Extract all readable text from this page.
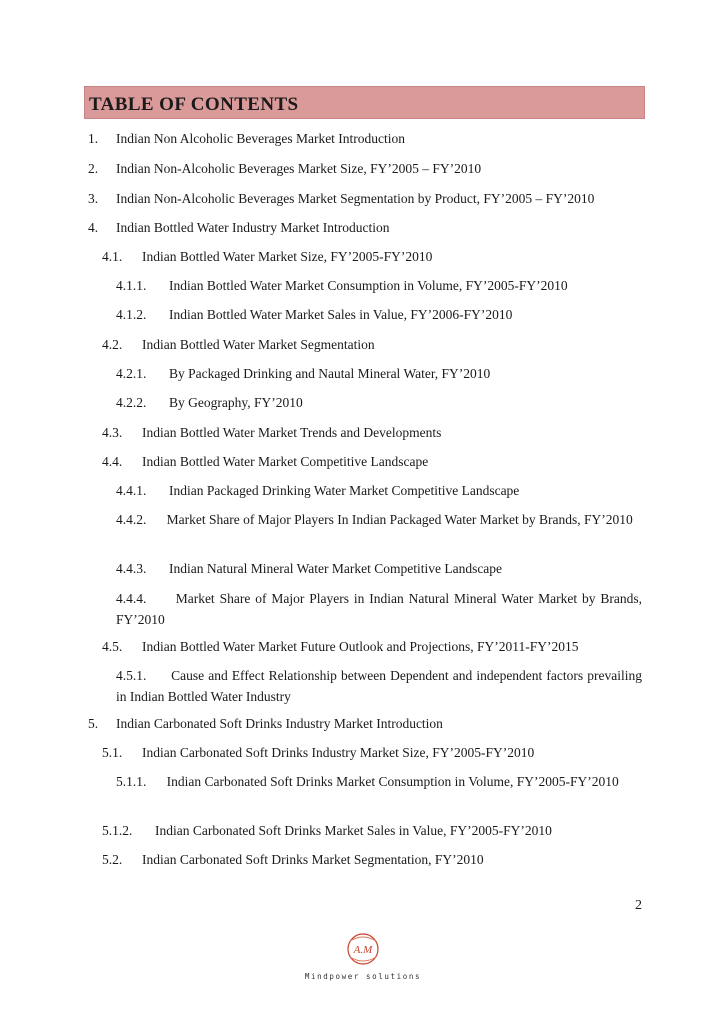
TABLE OF CONTENTS
1. Indian Non Alcoholic Beverages Market Introduction
2. Indian Non-Alcoholic Beverages Market Size, FY’2005 – FY’2010
3. Indian Non-Alcoholic Beverages Market Segmentation by Product, FY’2005 – FY’2010
4. Indian Bottled Water Industry Market Introduction
4.1. Indian Bottled Water Market Size, FY’2005-FY’2010
4.1.1. Indian Bottled Water Market Consumption in Volume, FY’2005-FY’2010
4.1.2. Indian Bottled Water Market Sales in Value, FY’2006-FY’2010
4.2. Indian Bottled Water Market Segmentation
4.2.1. By Packaged Drinking and Nautal Mineral Water, FY’2010
4.2.2. By Geography, FY’2010
4.3. Indian Bottled Water Market Trends and Developments
4.4. Indian Bottled Water Market Competitive Landscape
4.4.1. Indian Packaged Drinking Water Market Competitive Landscape
4.4.2. Market Share of Major Players In Indian Packaged Water Market by Brands, FY’2010
4.4.3. Indian Natural Mineral Water Market Competitive Landscape
4.4.4. Market Share of Major Players in Indian Natural Mineral Water Market by Brands, FY’2010
4.5. Indian Bottled Water Market Future Outlook and Projections, FY’2011-FY’2015
4.5.1. Cause and Effect Relationship between Dependent and independent factors prevailing in Indian Bottled Water Industry
5. Indian Carbonated Soft Drinks Industry Market Introduction
5.1. Indian Carbonated Soft Drinks Industry Market Size, FY’2005-FY’2010
5.1.1. Indian Carbonated Soft Drinks Market Consumption in Volume, FY’2005-FY’2010
5.1.2. Indian Carbonated Soft Drinks Market Sales in Value, FY’2005-FY’2010
5.2. Indian Carbonated Soft Drinks Market Segmentation, FY’2010
2
A.M
Mindpower solutions
